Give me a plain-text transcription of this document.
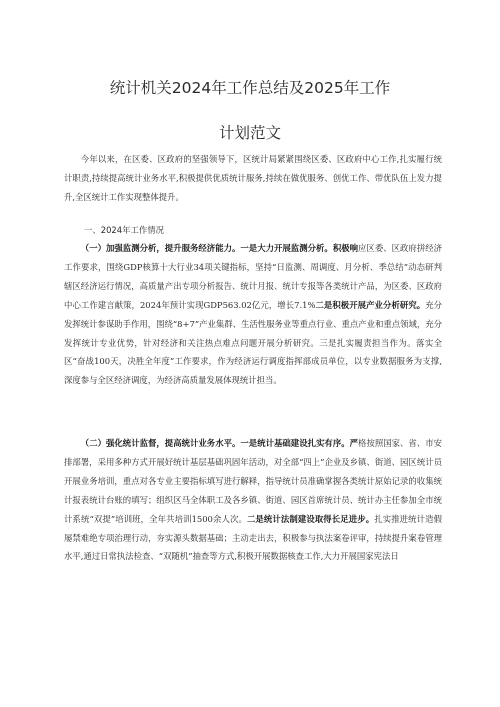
统计机关2024年工作总结及2025年工作
计划范文

今年以来，在区委、区政府的坚强领导下，区统计局紧紧围绕区委、区政府中心工作,扎实履行统计职责,持续提高统计业务水平,积极提供优质统计服务,持续在做优服务、创优工作、带优队伍上发力提升,全区统计工作实现整体提升。

一、2024年工作情况

（一）加强监测分析，提升服务经济能力。一是大力开展监测分析。积极响应区委、区政府拼经济工作要求，围绕GDP核算十大行业34项关键指标，坚持“日监测、周调度、月分析、季总结”动态研判辖区经济运行情况，高质量产出专项分析报告、统计月报、统计专报等各类统计产品，为区委、区政府中心工作建言献策，2024年预计实现GDP563.02亿元，增长7.1%二是积极开展产业分析研究。充分发挥统计参谋助手作用，围绕“8+7”产业集群、生活性服务业等重点行业、重点产业和重点领域，充分发挥统计专业优势，针对经济和关注热点难点问题开展分析研究。三是扎实履责担当作为。落实全区“奋战100天，决胜全年度”工作要求，作为经济运行调度指挥部成员单位，以专业数据服务为支撑,深度参与全区经济调度，为经济高质量发展体现统计担当。

（二）强化统计监督，提高统计业务水平。一是统计基础建设扎实有序。严格按照国家、省、市安排部署，采用多种方式开展好统计基层基础巩固年活动，对全部“四上”企业及乡镇、街道、园区统计员开展业务培训，重点对各专业主要指标填写进行解释，指导统计员准确掌握各类统计原始记录的收集统计报表统计台账的填写；组织区马全体职工及各乡镇、街道、园区首席统计员、统计办主任参加全市统计系统“双提”培训班，全年共培训1500余人次。二是统计法制建设取得长足进步。扎实推进统计造假屡禁难绝专项治理行动，夯实源头数据基础；主动走出去，积极参与执法案卷评审，持续提升案卷管理水平,通过日常执法检查、“双随机”抽查等方式,积极开展数据核查工作,大力开展国家宪法日
